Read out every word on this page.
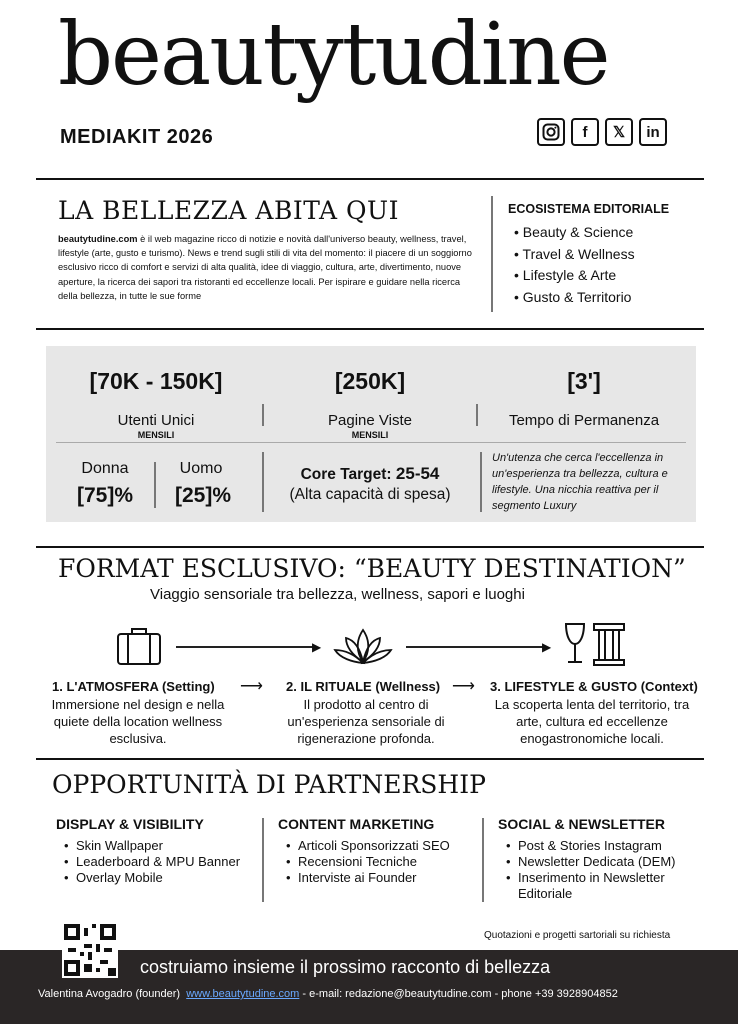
beautytudine
MEDIAKIT 2026	f	𝕏	in
LA BELLEZZA ABITA QUI
beautytudine.com è il web magazine ricco di notizie e novità dall'universo beauty, wellness, travel, lifestyle (arte, gusto e turismo). News e trend sugli stili di vita del momento: il piacere di un soggiorno esclusivo ricco di comfort e servizi di alta qualità, idee di viaggio, cultura, arte, divertimento, nuove aperture, la ricerca dei sapori tra ristoranti ed eccellenze locali. Per ispirare e guidare nella ricerca della bellezza, in tutte le sue forme
ECOSISTEMA EDITORIALE
• Beauty & Science
• Travel & Wellness
• Lifestyle & Arte
• Gusto & Territorio
[70K - 150K]
Utenti Unici
MENSILI
[250K]
Pagine Viste
MENSILI
[3']
Tempo di Permanenza
Donna
[75]%
Uomo
[25]%
Core Target: 25-54
(Alta capacità di spesa)
Un'utenza che cerca l'eccellenza in un'esperienza tra bellezza, cultura e lifestyle. Una nicchia reattiva per il segmento Luxury
FORMAT ESCLUSIVO: “BEAUTY DESTINATION”
Viaggio sensoriale tra bellezza, wellness, sapori e luoghi
▶	▶
1. L'ATMOSFERA (Setting)
Immersione nel design e nella quiete della location wellness esclusiva.
⟶ 2. IL RITUALE (Wellness)
Il prodotto al centro di un'esperienza sensoriale di rigenerazione profonda.
⟶ 3. LIFESTYLE & GUSTO (Context)
La scoperta lenta del territorio, tra arte, cultura ed eccellenze enogastronomiche locali.
OPPORTUNITÀ DI PARTNERSHIP
DISPLAY & VISIBILITY
• Skin Wallpaper
• Leaderboard & MPU Banner
• Overlay Mobile
CONTENT MARKETING
• Articoli Sponsorizzati SEO
• Recensioni Tecniche
• Interviste ai Founder
SOCIAL & NEWSLETTER
• Post & Stories Instagram
• Newsletter Dedicata (DEM)
• Inserimento in Newsletter Editoriale
Quotazioni e progetti sartoriali su richiesta
costruiamo insieme il prossimo racconto di bellezza
Valentina Avogadro (founder) www.beautytudine.com - e-mail: redazione@beautytudine.com - phone +39 3928904852
